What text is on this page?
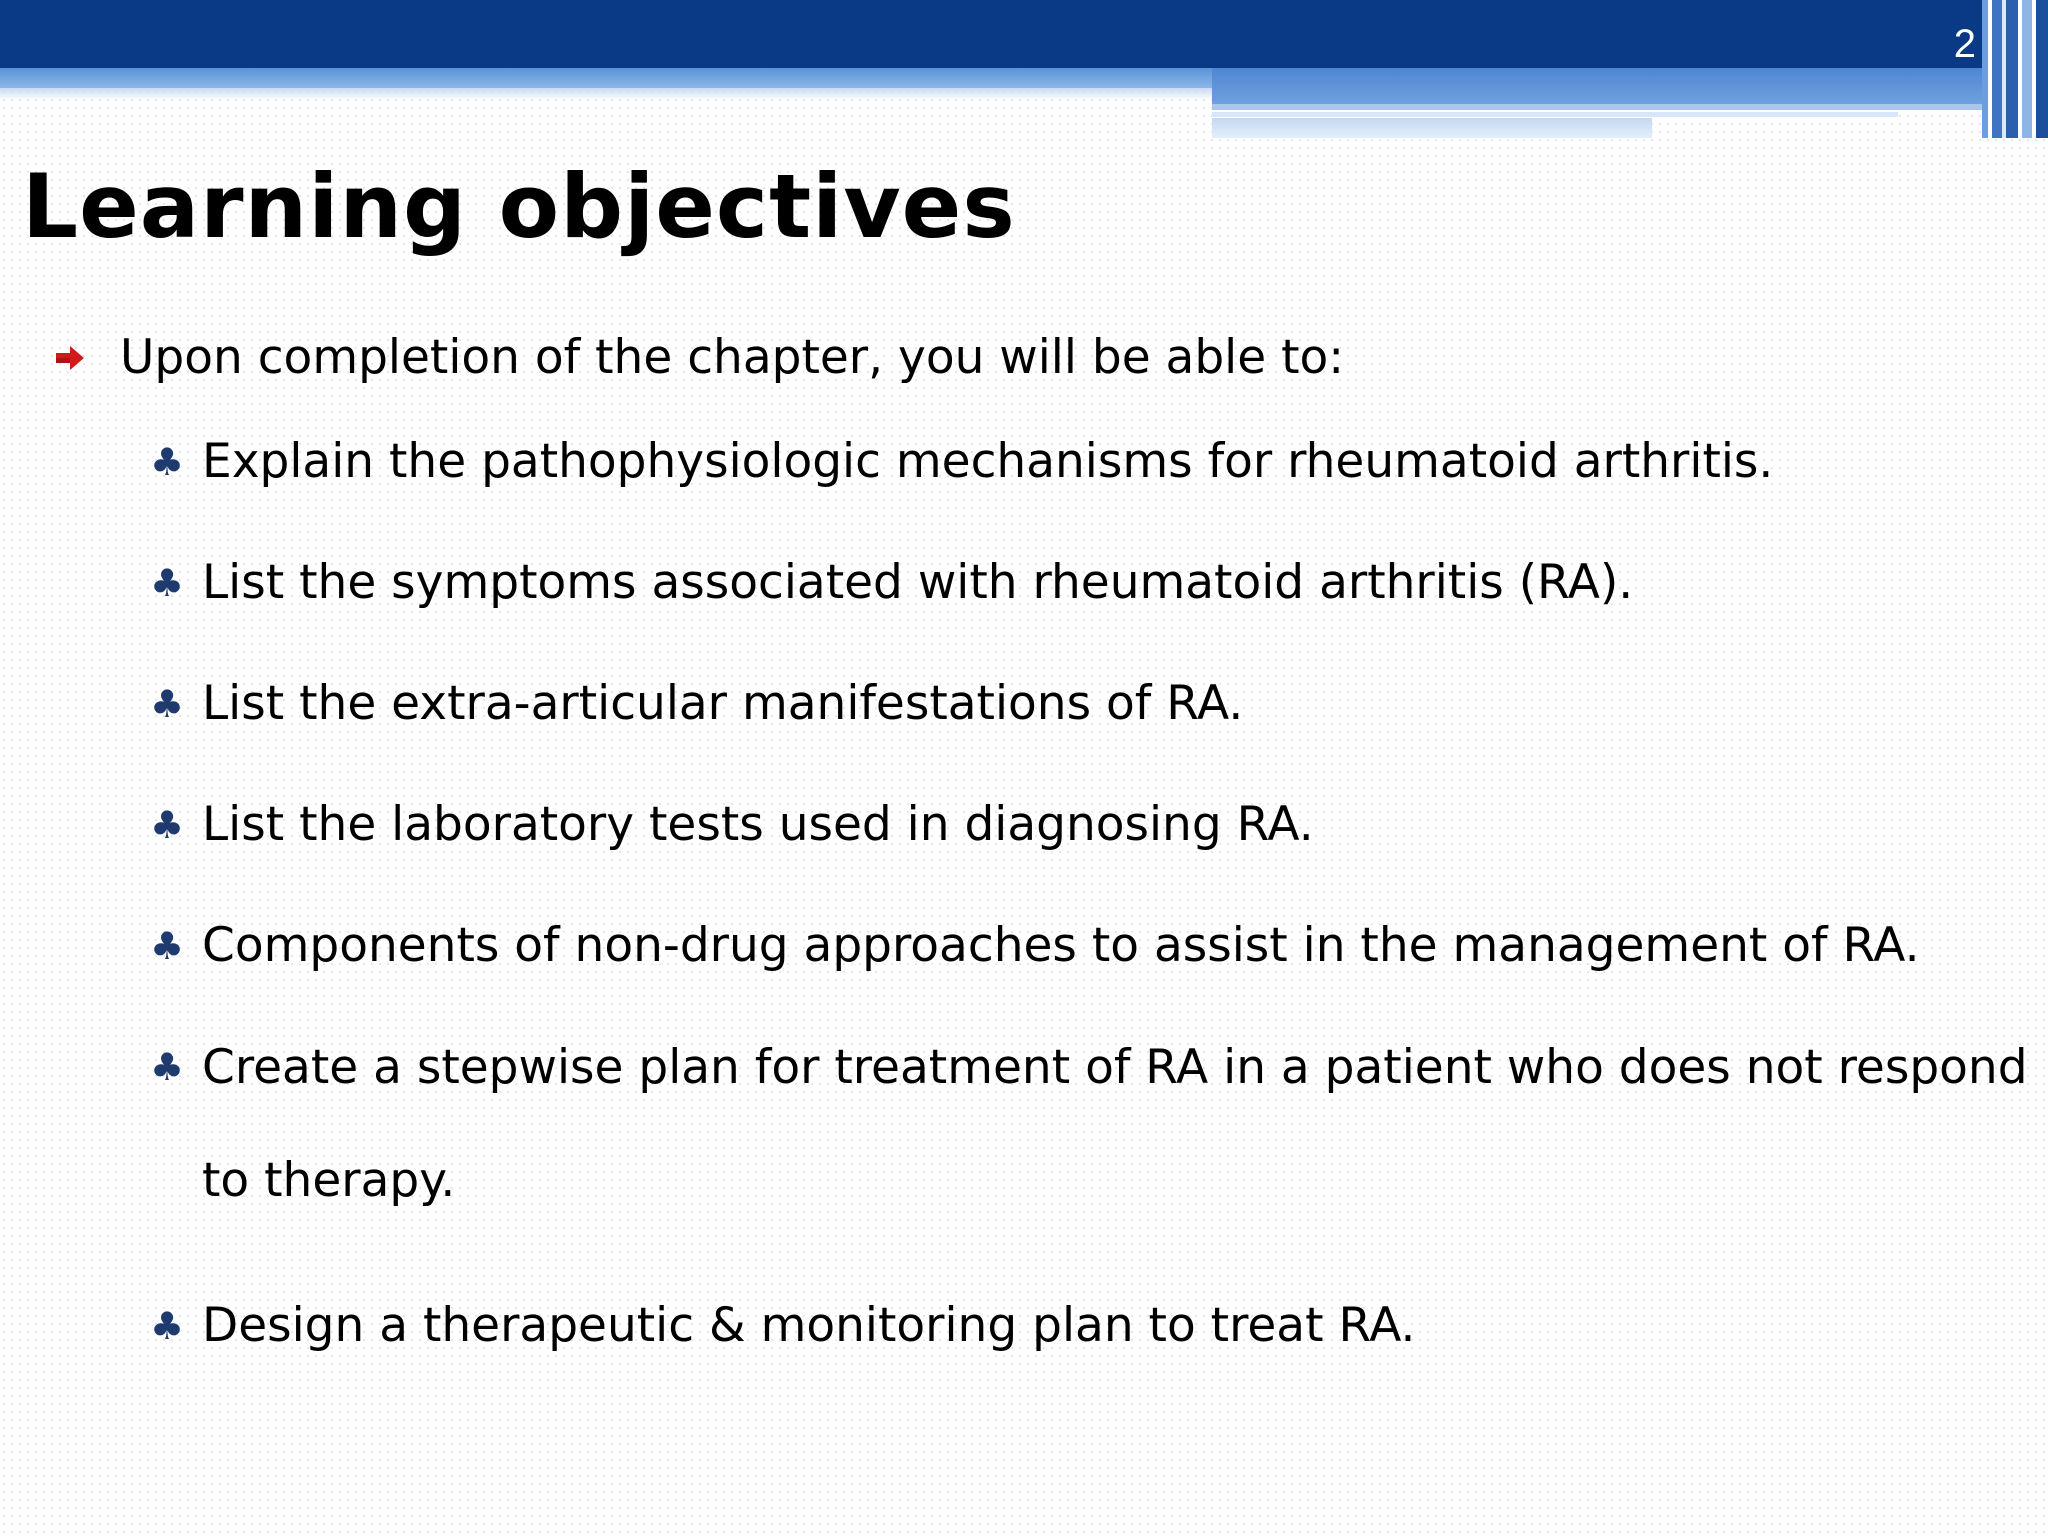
2
Learning objectives
Upon completion of the chapter, you will be able to:
♣ Explain the pathophysiologic mechanisms for rheumatoid arthritis.
♣ List the symptoms associated with rheumatoid arthritis (RA).
♣ List the extra-articular manifestations of RA.
♣ List the laboratory tests used in diagnosing RA.
♣ Components of non-drug approaches to assist in the management of RA.
♣ Create a stepwise plan for treatment of RA in a patient who does not respond to therapy.
♣ Design a therapeutic & monitoring plan to treat RA.
